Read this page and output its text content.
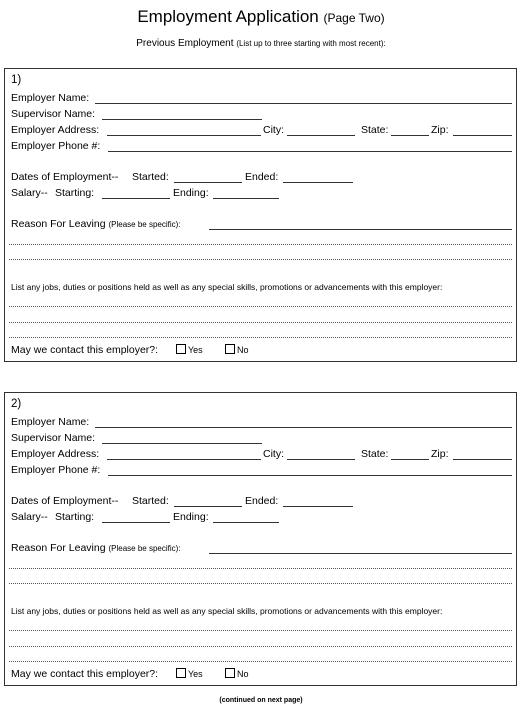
Employment Application (Page Two)
Previous Employment (List up to three starting with most recent):
1)
Employer Name:
Supervisor Name:
Employer Address:	City:	State:	Zip:
Employer Phone #:
Dates of Employment-- Started:	Ended:
Salary-- Starting:	Ending:
Reason For Leaving (Please be specific):
List any jobs, duties or positions held as well as any special skills, promotions or advancements with this employer:
May we contact this employer?:	Yes	No
2)
Employer Name:
Supervisor Name:
Employer Address:	City:	State:	Zip:
Employer Phone #:
Dates of Employment-- Started:	Ended:
Salary-- Starting:	Ending:
Reason For Leaving (Please be specific):
List any jobs, duties or positions held as well as any special skills, promotions or advancements with this employer:
May we contact this employer?:	Yes	No
(continued on next page)
